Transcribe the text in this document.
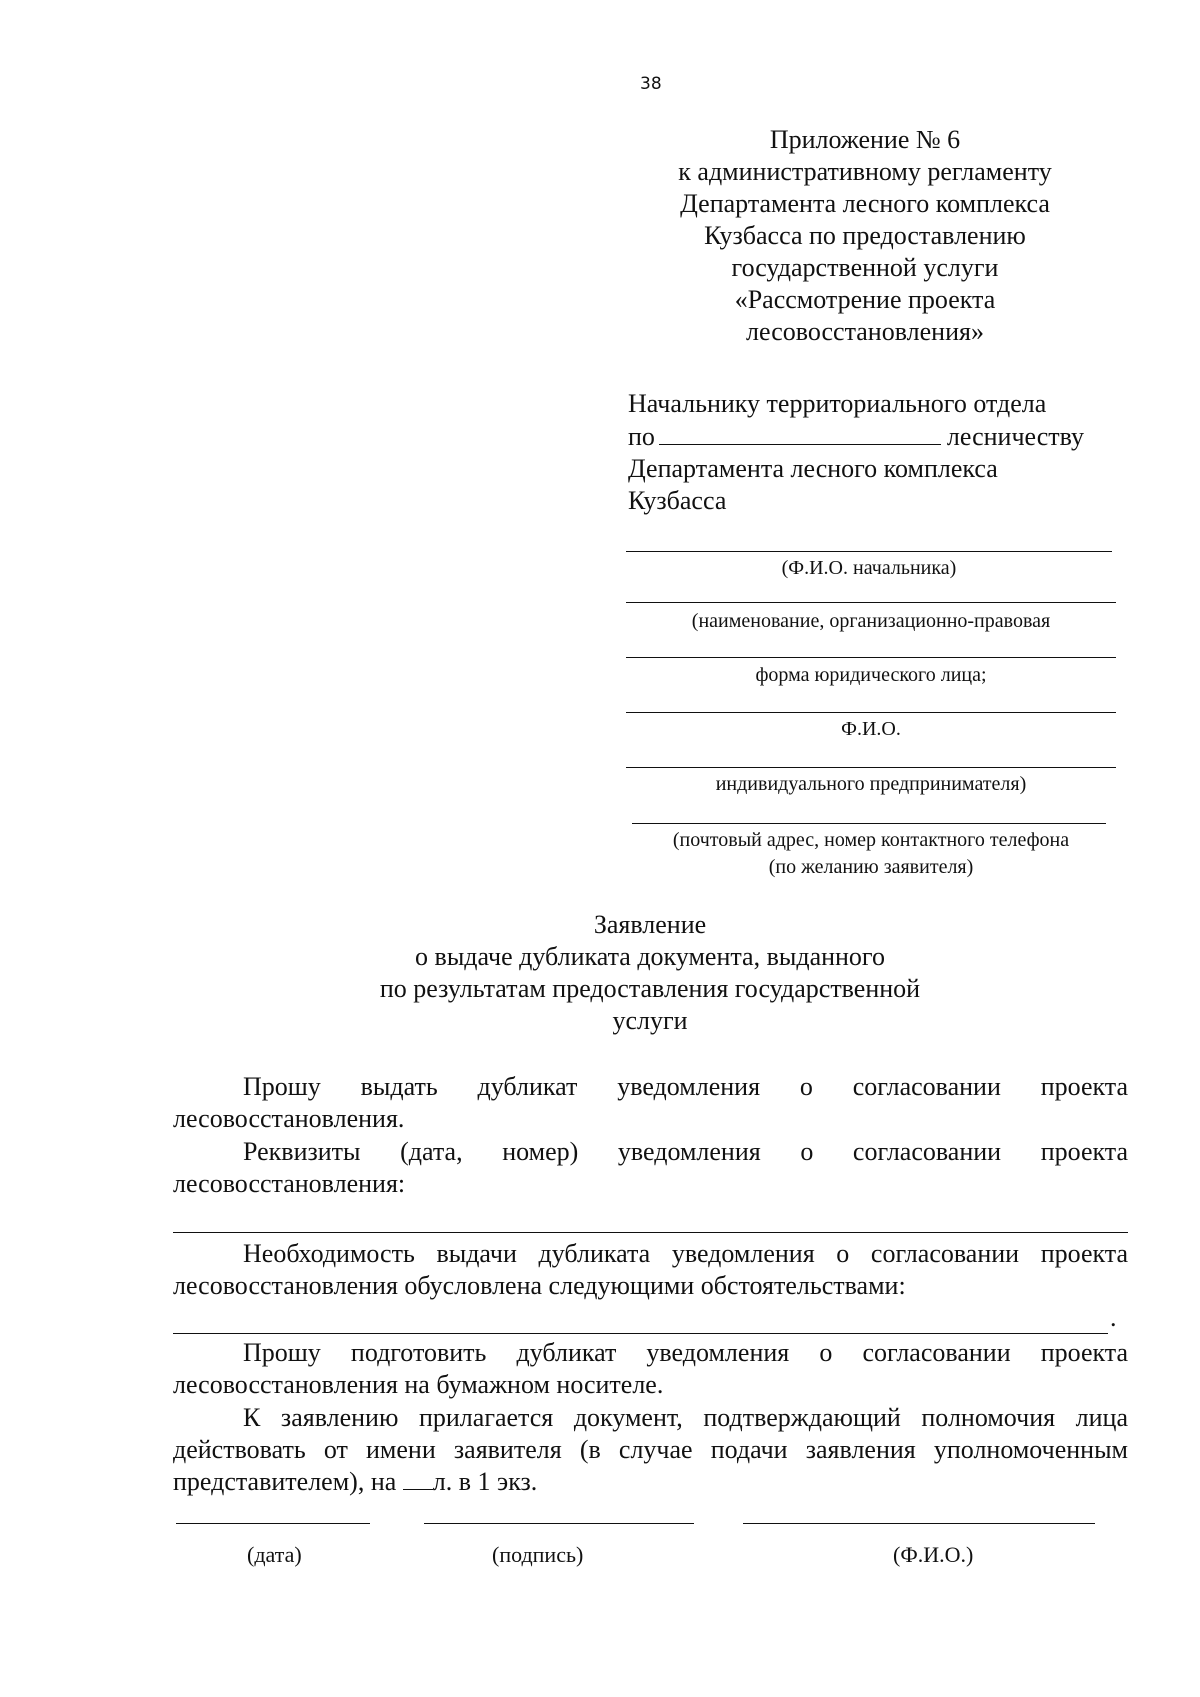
38
Приложение № 6
к административному регламенту
Департамента лесного комплекса
Кузбасса по предоставлению
государственной услуги
«Рассмотрение проекта
лесовосстановления»
Начальнику территориального отдела
по	лесничеству
Департамента лесного комплекса
Кузбасса
(Ф.И.О. начальника)
(наименование, организационно-правовая
форма юридического лица;
Ф.И.О.
индивидуального предпринимателя)
(почтовый адрес, номер контактного телефона
(по желанию заявителя)
Заявление
о выдаче дубликата документа, выданного
по результатам предоставления государственной
услуги
Прошу выдать дубликат уведомления о согласовании проекта лесовосстановления.
Реквизиты (дата, номер) уведомления о согласовании проекта лесовосстановления:
Необходимость выдачи дубликата уведомления о согласовании проекта лесовосстановления обусловлена следующими обстоятельствами:
.
Прошу подготовить дубликат уведомления о согласовании проекта лесовосстановления на бумажном носителе.
К заявлению прилагается документ, подтверждающий полномочия лица действовать от имени заявителя (в случае подачи заявления уполномоченным представителем), на л. в 1 экз.
(дата)	(подпись)	(Ф.И.О.)
